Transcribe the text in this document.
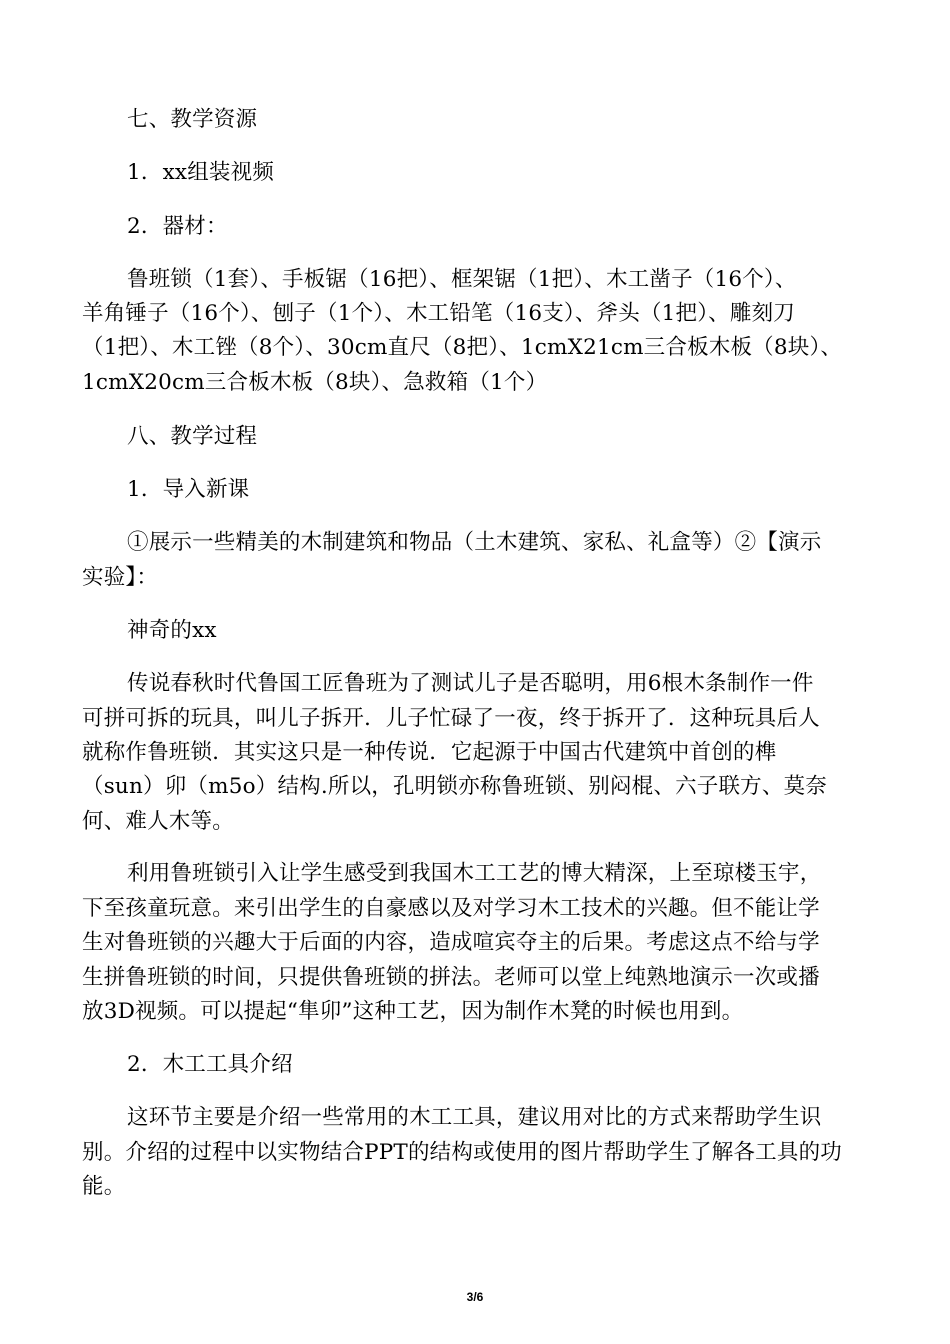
七、教学资源
1．xx组装视频
2．器材：
鲁班锁（1套）、手板锯（16把）、框架锯（1把）、木工凿子（16个）、
羊角锤子（16个）、刨子（1个）、木工铅笔（16支）、斧头（1把）、雕刻刀
（1把）、木工锉（8个）、30cm直尺（8把）、1cmX21cm三合板木板（8块）、
1cmX20cm三合板木板（8块）、急救箱（1个）
八、教学过程
1．导入新课
①展示一些精美的木制建筑和物品（土木建筑、家私、礼盒等）②【演示
实验】：
神奇的xx
传说春秋时代鲁国工匠鲁班为了测试儿子是否聪明，用6根木条制作一件
可拼可拆的玩具，叫儿子拆开．儿子忙碌了一夜，终于拆开了．这种玩具后人
就称作鲁班锁．其实这只是一种传说．它起源于中国古代建筑中首创的榫
（sun）卯（m5o）结构.所以，孔明锁亦称鲁班锁、别闷棍、六子联方、莫奈
何、难人木等。
利用鲁班锁引入让学生感受到我国木工工艺的博大精深，上至琼楼玉宇，
下至孩童玩意。来引出学生的自豪感以及对学习木工技术的兴趣。但不能让学
生对鲁班锁的兴趣大于后面的内容，造成喧宾夺主的后果。考虑这点不给与学
生拼鲁班锁的时间，只提供鲁班锁的拼法。老师可以堂上纯熟地演示一次或播
放3D视频。可以提起“隼卯”这种工艺，因为制作木凳的时候也用到。
2．木工工具介绍
这环节主要是介绍一些常用的木工工具，建议用对比的方式来帮助学生识
别。介绍的过程中以实物结合PPT的结构或使用的图片帮助学生了解各工具的功
能。
3/6
